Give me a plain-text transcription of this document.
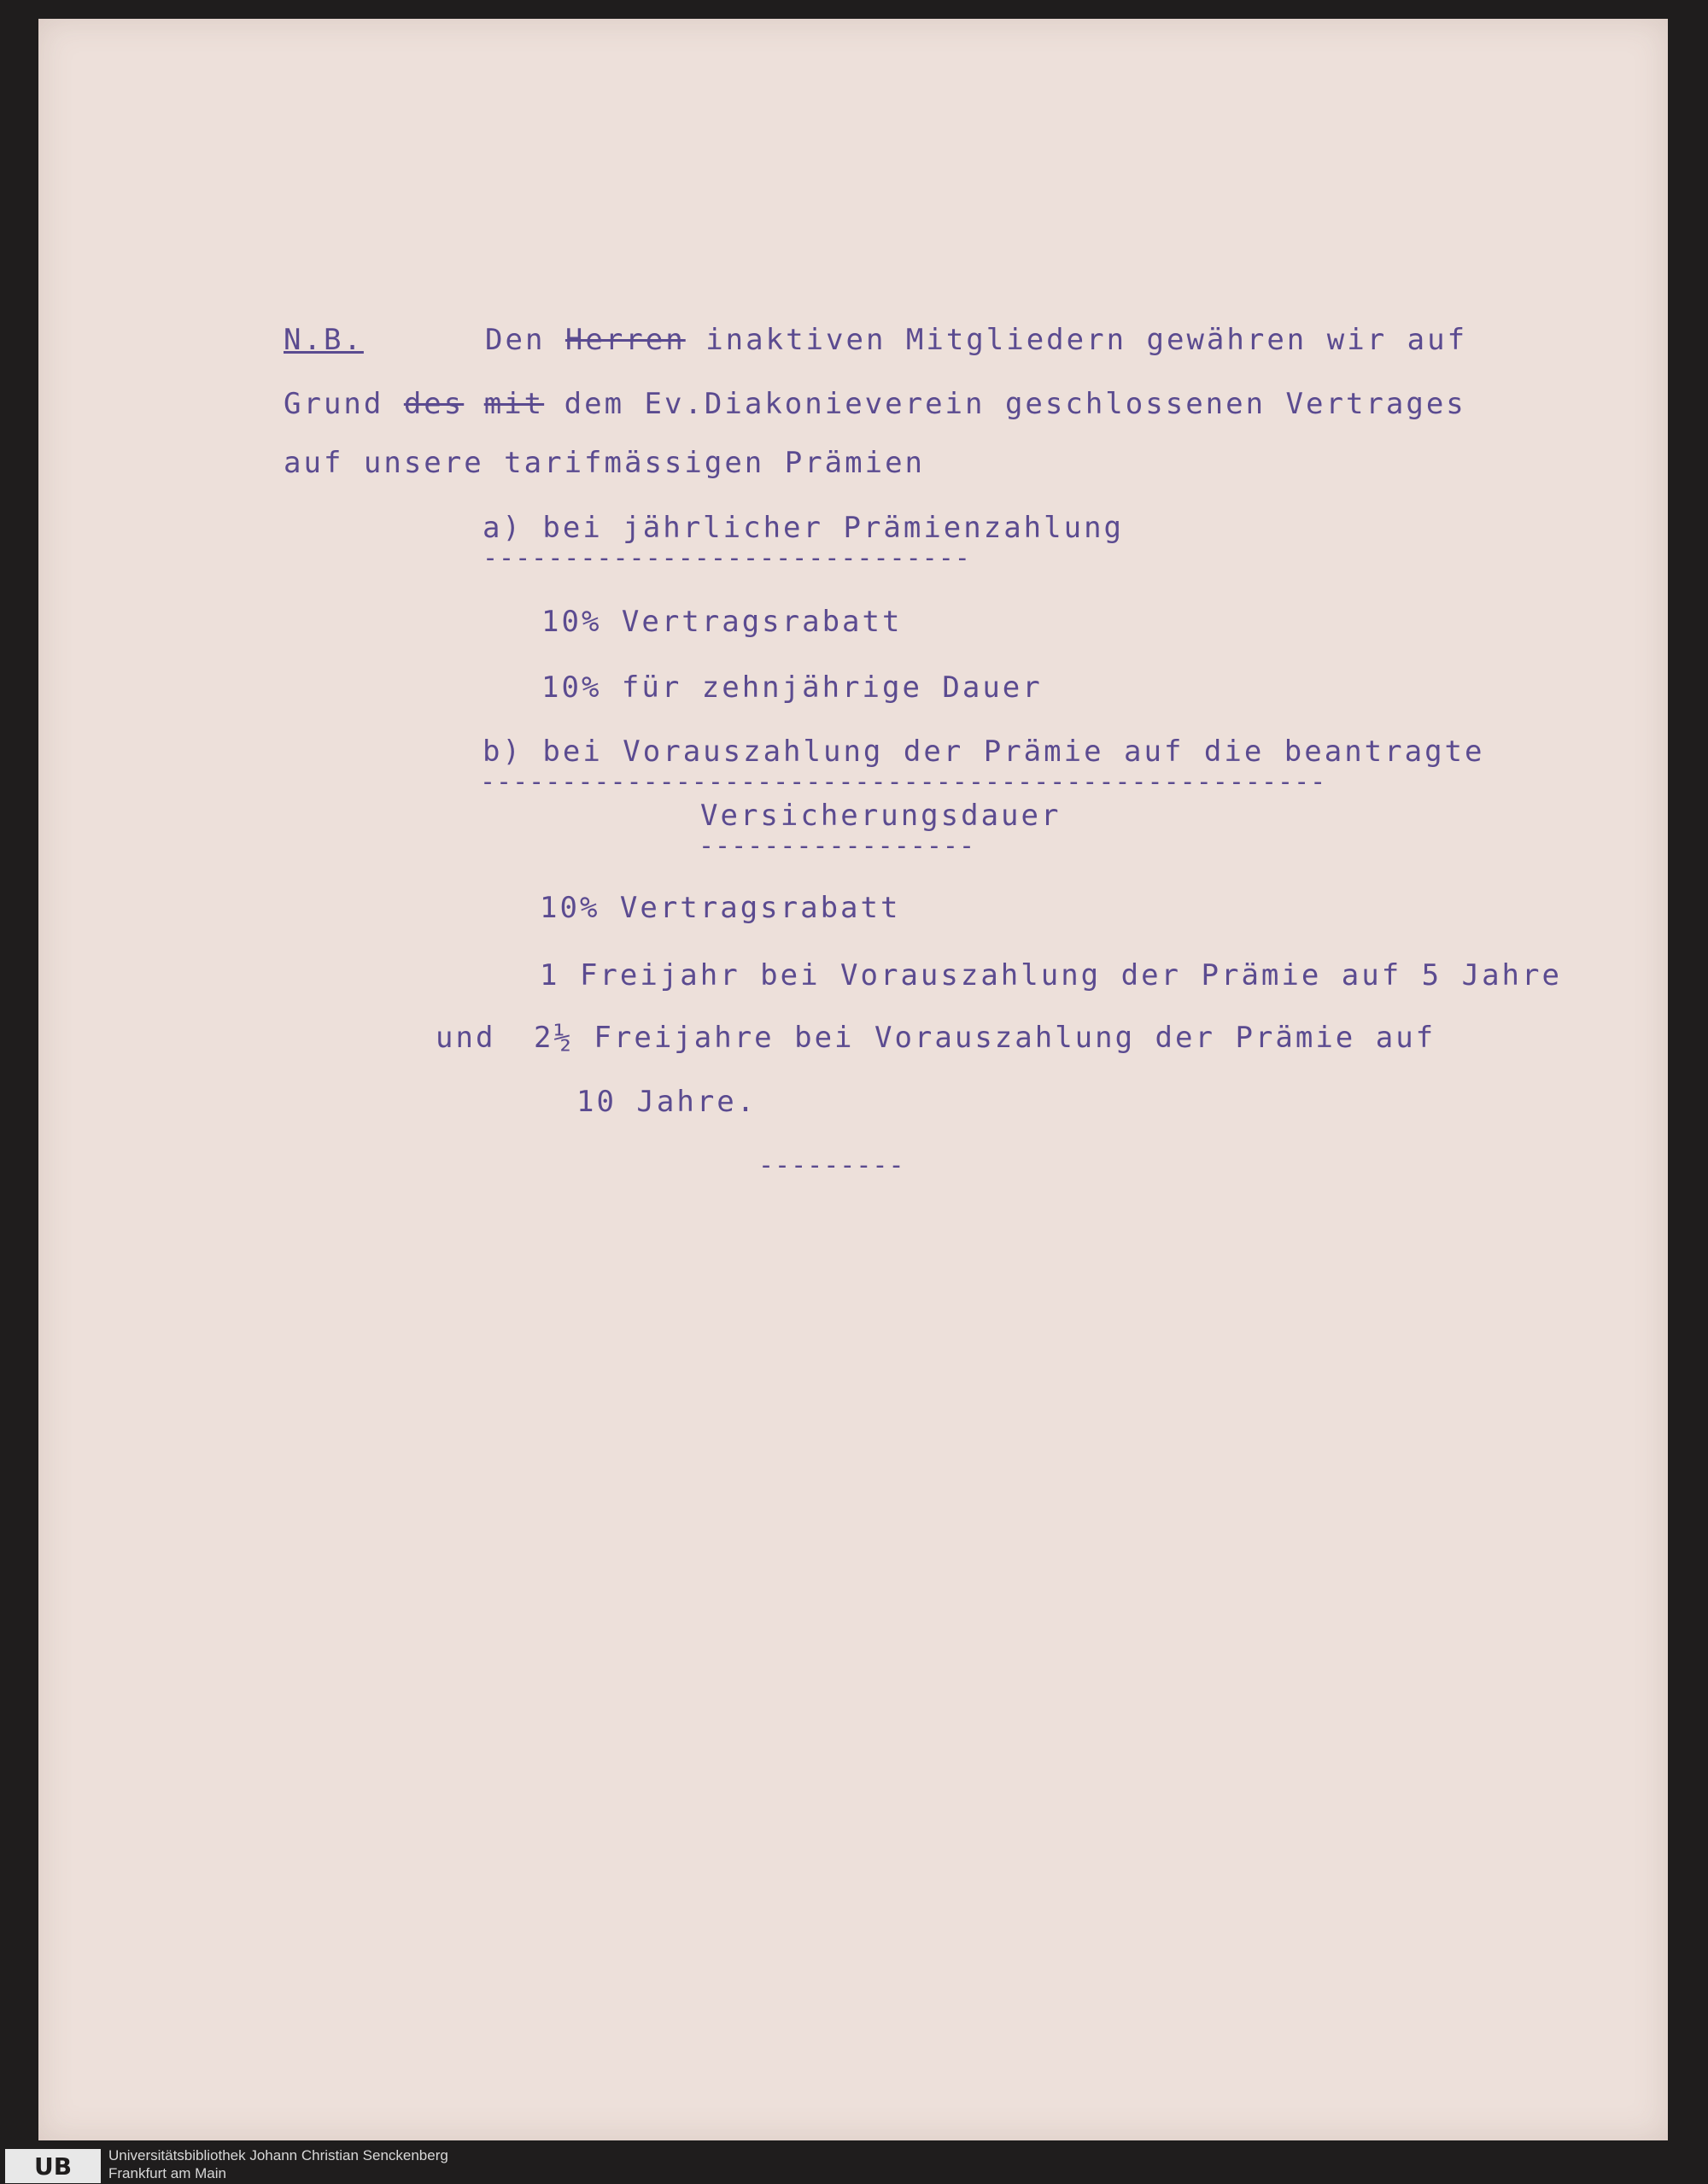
N.B.	Den Herren inaktiven Mitgliedern gewähren wir auf
Grund des mit dem Ev.Diakonieverein geschlossenen Vertrages
auf unsere tarifmässigen Prämien
a) bei jährlicher Prämienzahlung
------------------------------
10% Vertragsrabatt
10% für zehnjährige Dauer
b) bei Vorauszahlung der Prämie auf die beantragte
----------------------------------------------------
Versicherungsdauer
-----------------
10% Vertragsrabatt
1 Freijahr bei Vorauszahlung der Prämie auf 5 Jahre
und 2½ Freijahre bei Vorauszahlung der Prämie auf
10 Jahre.
---------
UB	Universitätsbibliothek Johann Christian Senckenberg
Frankfurt am Main
